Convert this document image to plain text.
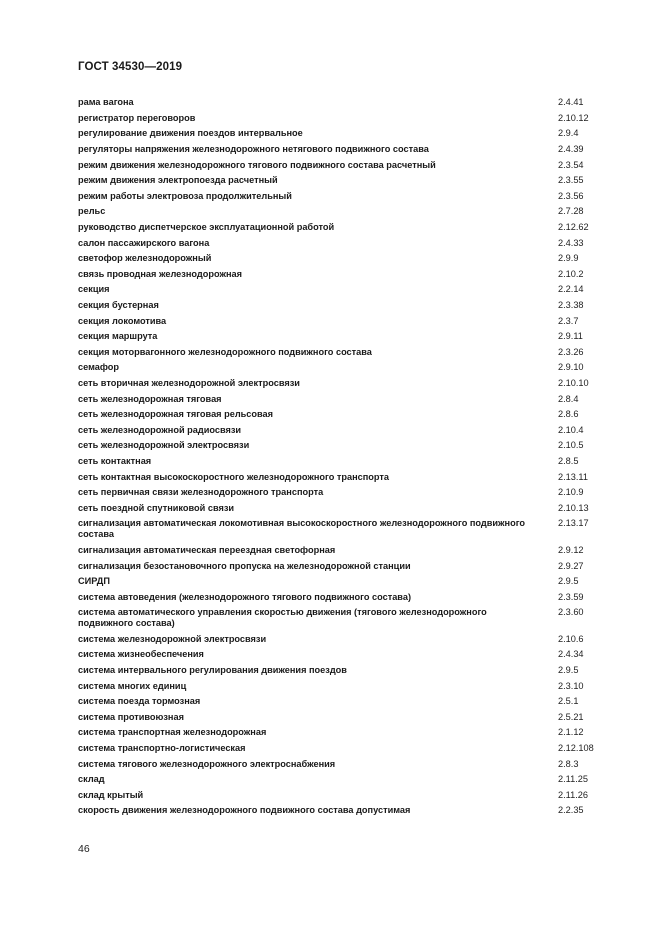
ГОСТ 34530—2019
рама вагона	2.4.41
регистратор переговоров	2.10.12
регулирование движения поездов интервальное	2.9.4
регуляторы напряжения железнодорожного нетягового подвижного состава	2.4.39
режим движения железнодорожного тягового подвижного состава расчетный	2.3.54
режим движения электропоезда расчетный	2.3.55
режим работы электровоза продолжительный	2.3.56
рельс	2.7.28
руководство диспетчерское эксплуатационной работой	2.12.62
салон пассажирского вагона	2.4.33
светофор железнодорожный	2.9.9
связь проводная железнодорожная	2.10.2
секция	2.2.14
секция бустерная	2.3.38
секция локомотива	2.3.7
секция маршрута	2.9.11
секция моторвагонного железнодорожного подвижного состава	2.3.26
семафор	2.9.10
сеть вторичная железнодорожной электросвязи	2.10.10
сеть железнодорожная тяговая	2.8.4
сеть железнодорожная тяговая рельсовая	2.8.6
сеть железнодорожной радиосвязи	2.10.4
сеть железнодорожной электросвязи	2.10.5
сеть контактная	2.8.5
сеть контактная высокоскоростного железнодорожного транспорта	2.13.11
сеть первичная связи железнодорожного транспорта	2.10.9
сеть поездной спутниковой связи	2.10.13
сигнализация автоматическая локомотивная высокоскоростного железнодорожного подвижного состава
2.13.17
сигнализация автоматическая переездная светофорная	2.9.12
сигнализация безостановочного пропуска на железнодорожной станции	2.9.27
СИРДП	2.9.5
система автоведения (железнодорожного тягового подвижного состава)	2.3.59
система автоматического управления скоростью движения (тягового железнодорожного подвижного состава)
2.3.60
система железнодорожной электросвязи	2.10.6
система жизнеобеспечения	2.4.34
система интервального регулирования движения поездов	2.9.5
система многих единиц	2.3.10
система поезда тормозная	2.5.1
система противоюзная	2.5.21
система транспортная железнодорожная	2.1.12
система транспортно-логистическая	2.12.108
система тягового железнодорожного электроснабжения	2.8.3
склад	2.11.25
склад крытый	2.11.26
скорость движения железнодорожного подвижного состава допустимая	2.2.35
46
